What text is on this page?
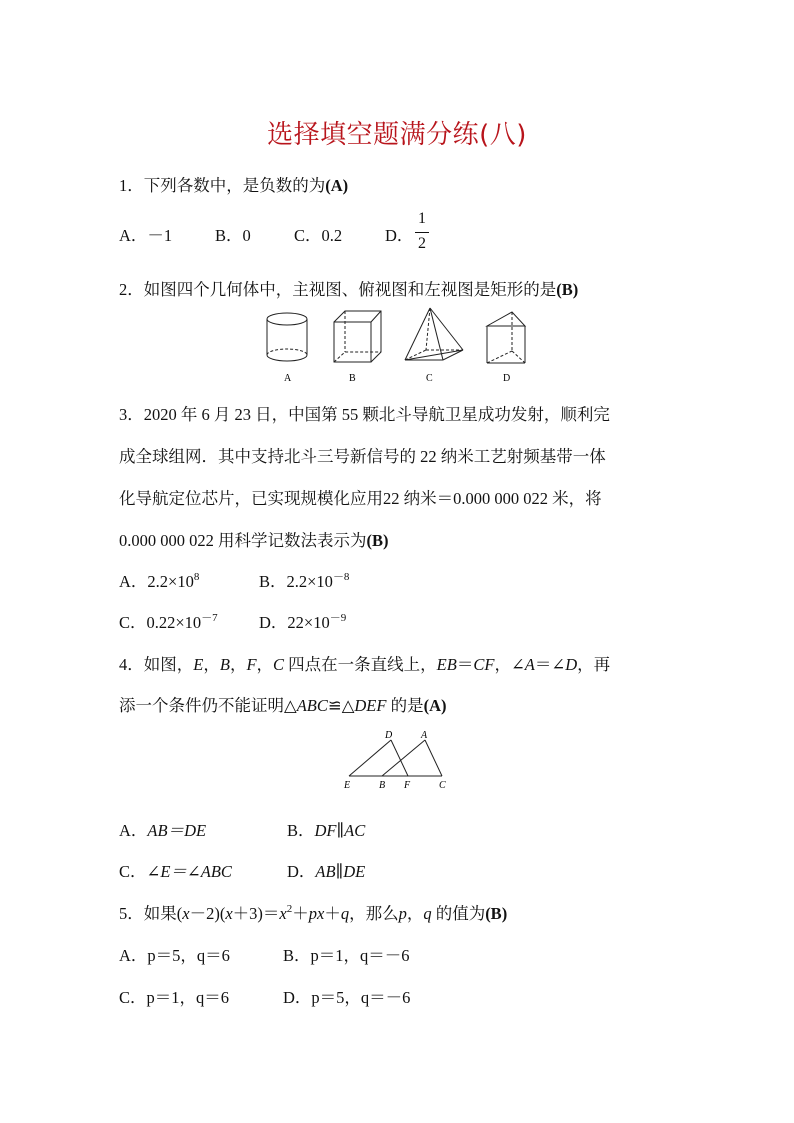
选择填空题满分练(八)
1．下列各数中，是负数的为(A)
A．－1	B．0	C．0.2	D．
1
2
2．如图四个几何体中，主视图、俯视图和左视图是矩形的是(B)
A	B	C	D
3．2020 年 6 月 23 日，中国第 55 颗北斗导航卫星成功发射，顺利完
成全球组网．其中支持北斗三号新信号的 22 纳米工艺射频基带一体
化导航定位芯片，已实现规模化应用22 纳米＝0.000 000 022 米，将
0.000 000 022 用科学记数法表示为(B)
A．$2.2\times 10^8$	B．$2.2\times 10^{-8}$
C．$0.22\times 10^{-7}$	D．$22\times 10^{-9}$
4．如图，E，B，F，C 四点在一条直线上，EB＝CF，∠A＝∠D，再
添一个条件仍不能证明△ABC≌△DEF 的是(A)
D	A
E	B F	C
A．AB＝DE	B．DF∥AC
C．∠E＝∠ABC	D．AB∥DE
5．如果$(x-2)(x+3)=x^2+px+q$，那么p，q 的值为(B)
A．p＝5，q＝6	B．p＝1，q＝－6
C．p＝1，q＝6	D．p＝5，q＝－6
